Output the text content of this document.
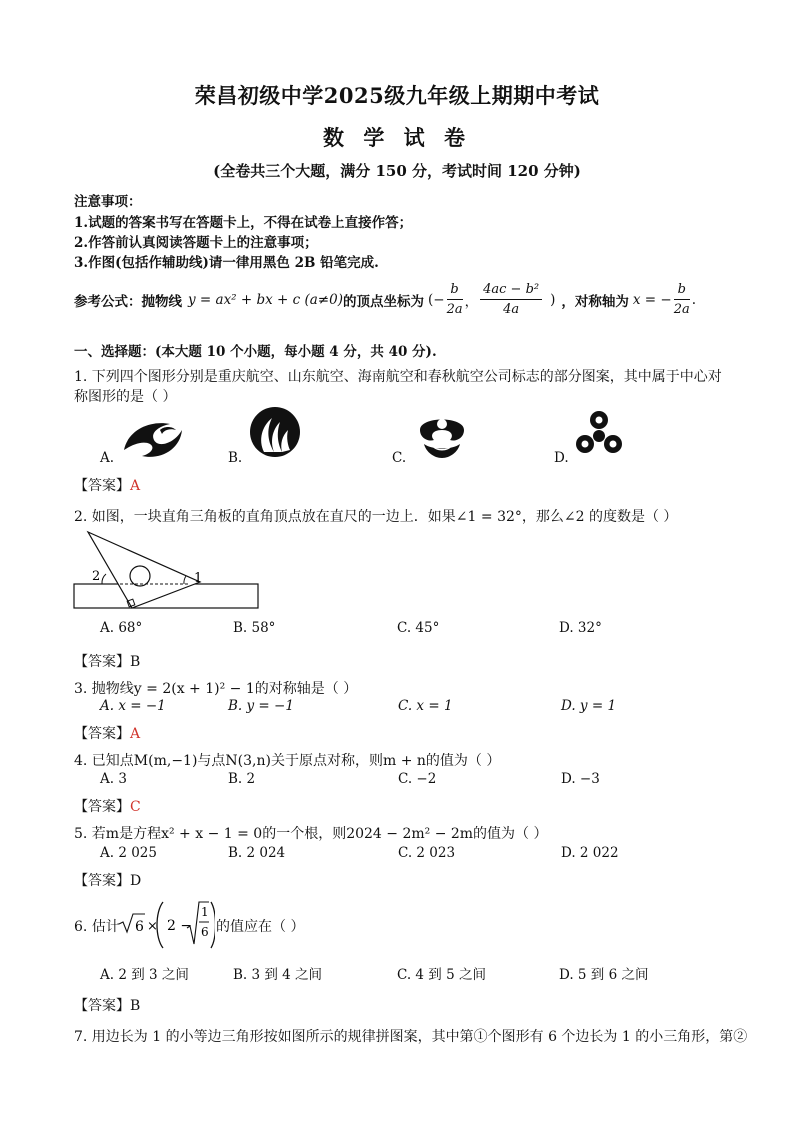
荣昌初级中学2025级九年级上期期中考试
数 学 试 卷
(全卷共三个大题，满分 150 分，考试时间 120 分钟)
注意事项：
1.试题的答案书写在答题卡上，不得在试卷上直接作答；
2.作答前认真阅读答题卡上的注意事项；
3.作图(包括作辅助线)请一律用黑色 2B 铅笔完成.
参考公式： 抛物线 y = ax² + bx + c (a≠0) 的顶点坐标为 (− $\frac{b}{2a}$ ， $\frac{\text{4ac − b²}}{4a}$ ) ，对称轴为 x = − $\frac{b}{2a}$ .
一、选择题：(本大题 10 个小题，每小题 4 分，共 40 分).
1. 下列四个图形分别是重庆航空、山东航空、海南航空和春秋航空公司标志的部分图案，其中属于中心对
称图形的是（ ）
A.	B.	C.	D.
【答案】A
2. 如图，一块直角三角板的直角顶点放在直尺的一边上．如果∠1 = 32°，那么∠2 的度数是（ ）
2	1
A. 68°	B. 58°	C. 45°	D. 32°
【答案】B
3. 抛物线y = 2(x + 1)² − 1的对称轴是（ ）
A. x = −1	B. y = −1	C. x = 1	D. y = 1
【答案】A
4. 已知点M(m,−1)与点N(3,n)关于原点对称，则m + n的值为（ ）
A. 3	B. 2	C. −2	D. −3
【答案】C
5. 若m是方程x² + x − 1 = 0的一个根，则2024 − 2m² − 2m的值为（ ）
A. 2 025	B. 2 024	C. 2 023	D. 2 022
【答案】D
6. 估计 6 × 2 −
1
6 的值应在（ ）
A. 2 到 3 之间	B. 3 到 4 之间	C. 4 到 5 之间	D. 5 到 6 之间
【答案】B
7. 用边长为 1 的小等边三角形按如图所示的规律拼图案，其中第①个图形有 6 个边长为 1 的小三角形，第②
